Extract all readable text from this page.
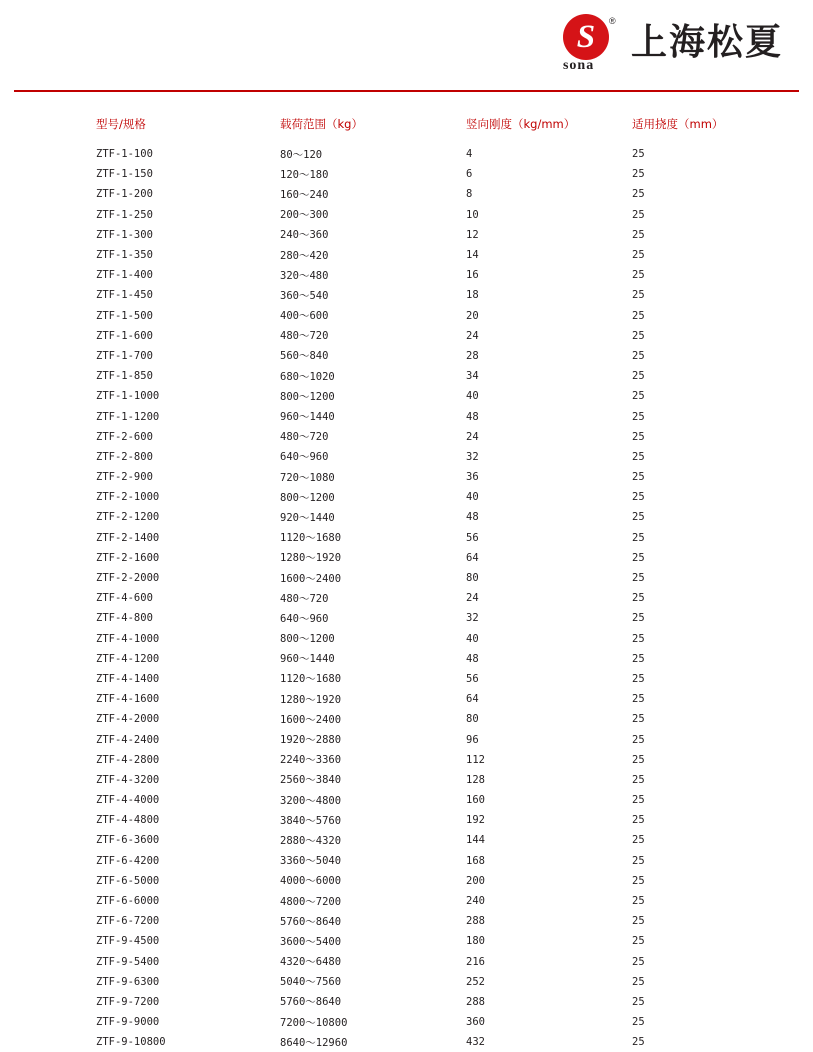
S	®
sona
上海松夏
型号/规格	载荷范围（kg）	竖向刚度（kg/mm）	适用挠度（mm）
ZTF-1-100	80～120	4	25
ZTF-1-150	120～180	6	25
ZTF-1-200	160～240	8	25
ZTF-1-250	200～300	10	25
ZTF-1-300	240～360	12	25
ZTF-1-350	280～420	14	25
ZTF-1-400	320～480	16	25
ZTF-1-450	360～540	18	25
ZTF-1-500	400～600	20	25
ZTF-1-600	480～720	24	25
ZTF-1-700	560～840	28	25
ZTF-1-850	680～1020	34	25
ZTF-1-1000	800～1200	40	25
ZTF-1-1200	960～1440	48	25
ZTF-2-600	480～720	24	25
ZTF-2-800	640～960	32	25
ZTF-2-900	720～1080	36	25
ZTF-2-1000	800～1200	40	25
ZTF-2-1200	920～1440	48	25
ZTF-2-1400	1120～1680	56	25
ZTF-2-1600	1280～1920	64	25
ZTF-2-2000	1600～2400	80	25
ZTF-4-600	480～720	24	25
ZTF-4-800	640～960	32	25
ZTF-4-1000	800～1200	40	25
ZTF-4-1200	960～1440	48	25
ZTF-4-1400	1120～1680	56	25
ZTF-4-1600	1280～1920	64	25
ZTF-4-2000	1600～2400	80	25
ZTF-4-2400	1920～2880	96	25
ZTF-4-2800	2240～3360	112	25
ZTF-4-3200	2560～3840	128	25
ZTF-4-4000	3200～4800	160	25
ZTF-4-4800	3840～5760	192	25
ZTF-6-3600	2880～4320	144	25
ZTF-6-4200	3360～5040	168	25
ZTF-6-5000	4000～6000	200	25
ZTF-6-6000	4800～7200	240	25
ZTF-6-7200	5760～8640	288	25
ZTF-9-4500	3600～5400	180	25
ZTF-9-5400	4320～6480	216	25
ZTF-9-6300	5040～7560	252	25
ZTF-9-7200	5760～8640	288	25
ZTF-9-9000	7200～10800	360	25
ZTF-9-10800	8640～12960	432	25
